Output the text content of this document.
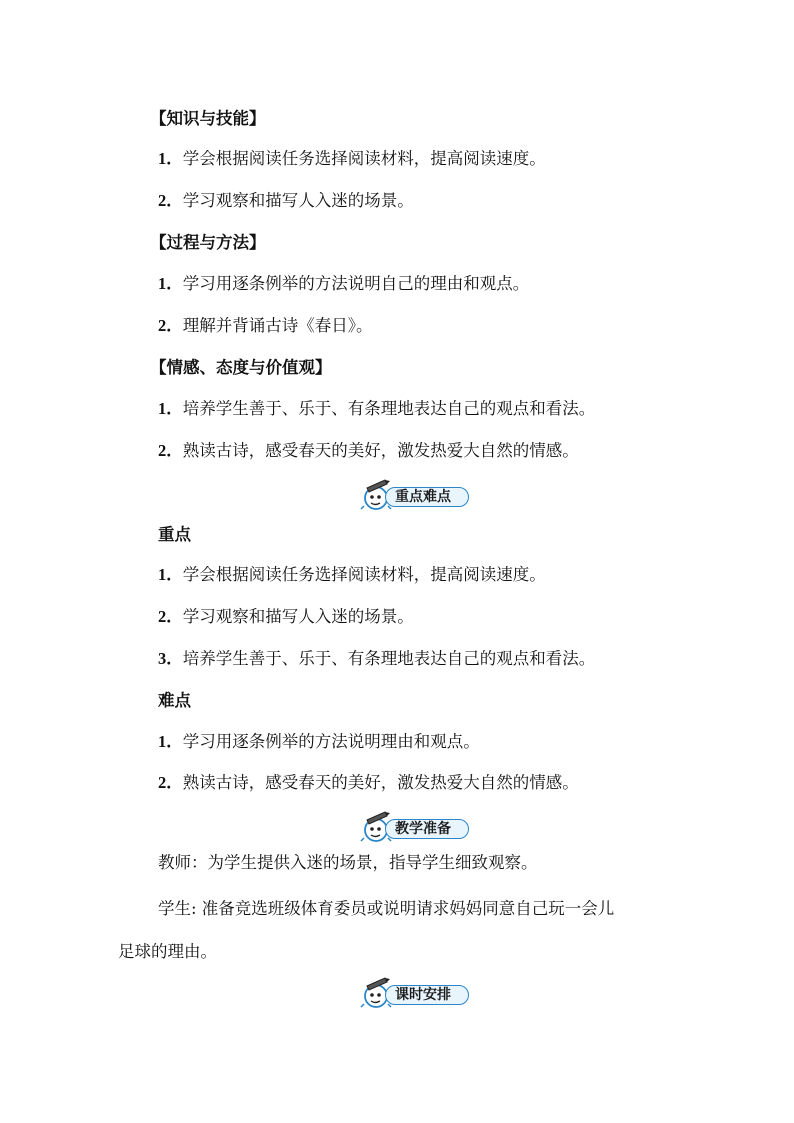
【知识与技能】
1．学会根据阅读任务选择阅读材料，提高阅读速度。
2．学习观察和描写人入迷的场景。
【过程与方法】
1．学习用逐条例举的方法说明自己的理由和观点。
2．理解并背诵古诗《春日》。
【情感、态度与价值观】
1．培养学生善于、乐于、有条理地表达自己的观点和看法。
2．熟读古诗，感受春天的美好，激发热爱大自然的情感。
重点难点
重点
1．学会根据阅读任务选择阅读材料，提高阅读速度。
2．学习观察和描写人入迷的场景。
3．培养学生善于、乐于、有条理地表达自己的观点和看法。
难点
1．学习用逐条例举的方法说明理由和观点。
2．熟读古诗，感受春天的美好，激发热爱大自然的情感。
教学准备
教师：为学生提供入迷的场景，指导学生细致观察。
学生: 准备竞选班级体育委员或说明请求妈妈同意自己玩一会儿
足球的理由。
课时安排
